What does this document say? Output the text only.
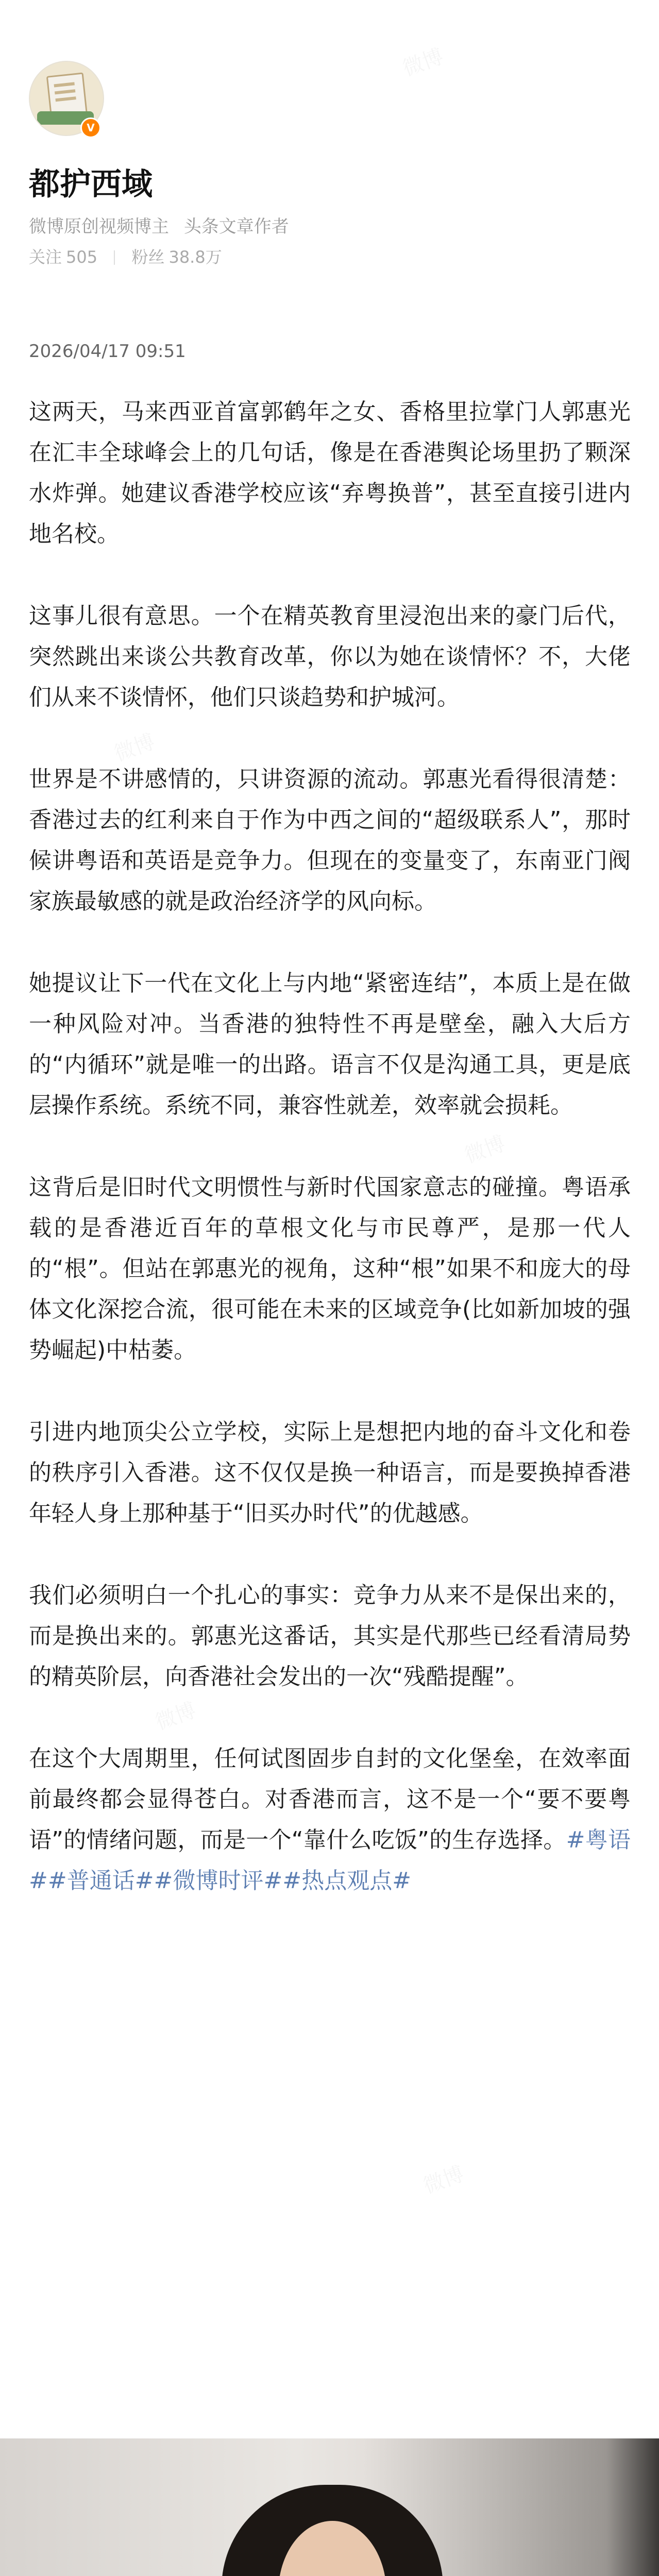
V
都护西域
微博原创视频博主 头条文章作者
关注 505 粉丝 38.8万
2026/04/17 09:51

这两天，马来西亚首富郭鹤年之女、香格里拉掌门人郭惠光在汇丰全球峰会上的几句话，像是在香港舆论场里扔了颗深水炸弹。她建议香港学校应该“弃粤换普”，甚至直接引进内地名校。

这事儿很有意思。一个在精英教育里浸泡出来的豪门后代，突然跳出来谈公共教育改革，你以为她在谈情怀？不，大佬们从来不谈情怀，他们只谈趋势和护城河。

世界是不讲感情的，只讲资源的流动。郭惠光看得很清楚：香港过去的红利来自于作为中西之间的“超级联系人”，那时候讲粤语和英语是竞争力。但现在的变量变了，东南亚门阀家族最敏感的就是政治经济学的风向标。

她提议让下一代在文化上与内地“紧密连结”，本质上是在做一种风险对冲。当香港的独特性不再是壁垒，融入大后方的“内循环”就是唯一的出路。语言不仅是沟通工具，更是底层操作系统。系统不同，兼容性就差，效率就会损耗。

这背后是旧时代文明惯性与新时代国家意志的碰撞。粤语承载的是香港近百年的草根文化与市民尊严，是那一代人的“根”。但站在郭惠光的视角，这种“根”如果不和庞大的母体文化深挖合流，很可能在未来的区域竞争(比如新加坡的强势崛起)中枯萎。

引进内地顶尖公立学校，实际上是想把内地的奋斗文化和卷的秩序引入香港。这不仅仅是换一种语言，而是要换掉香港年轻人身上那种基于“旧买办时代”的优越感。

我们必须明白一个扎心的事实：竞争力从来不是保出来的，而是换出来的。郭惠光这番话，其实是代那些已经看清局势的精英阶层，向香港社会发出的一次“残酷提醒”。

在这个大周期里，任何试图固步自封的文化堡垒，在效率面前最终都会显得苍白。对香港而言，这不是一个“要不要粤语”的情绪问题，而是一个“靠什么吃饭”的生存选择。#粤语##普通话##微博时评##热点观点#
